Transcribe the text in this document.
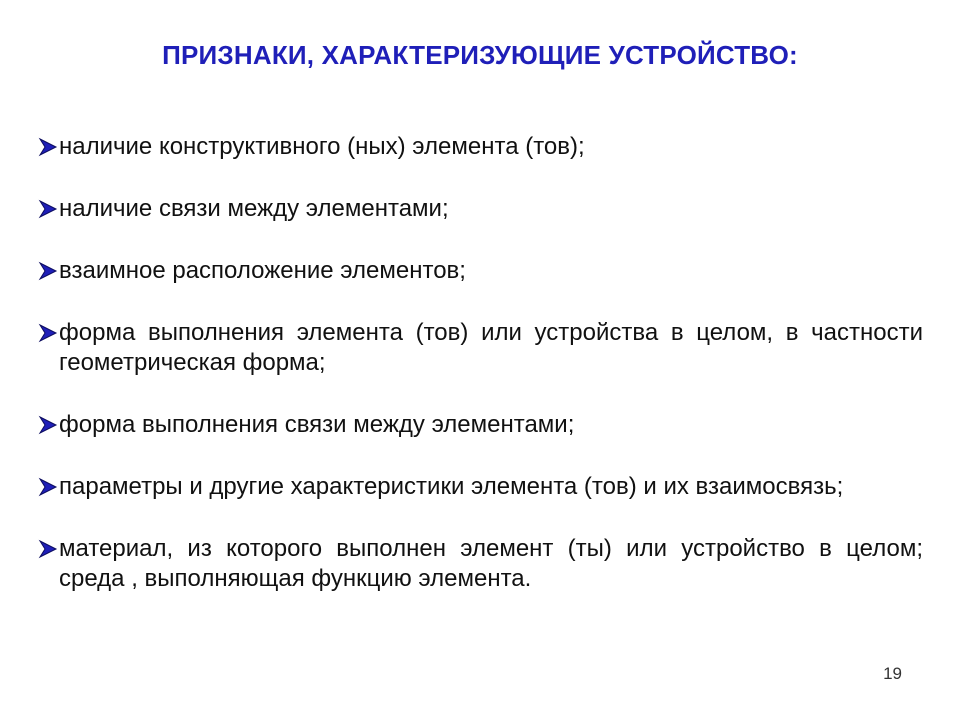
ПРИЗНАКИ, ХАРАКТЕРИЗУЮЩИЕ УСТРОЙСТВО:
наличие конструктивного (ных) элемента (тов);
наличие связи между элементами;
взаимное расположение элементов;
форма выполнения элемента (тов) или устройства в целом, в частности геометрическая форма;
форма выполнения связи между элементами;
параметры и другие характеристики элемента (тов) и их взаимосвязь;
материал, из которого выполнен элемент (ты) или устройство в целом; среда , выполняющая функцию элемента.
19
